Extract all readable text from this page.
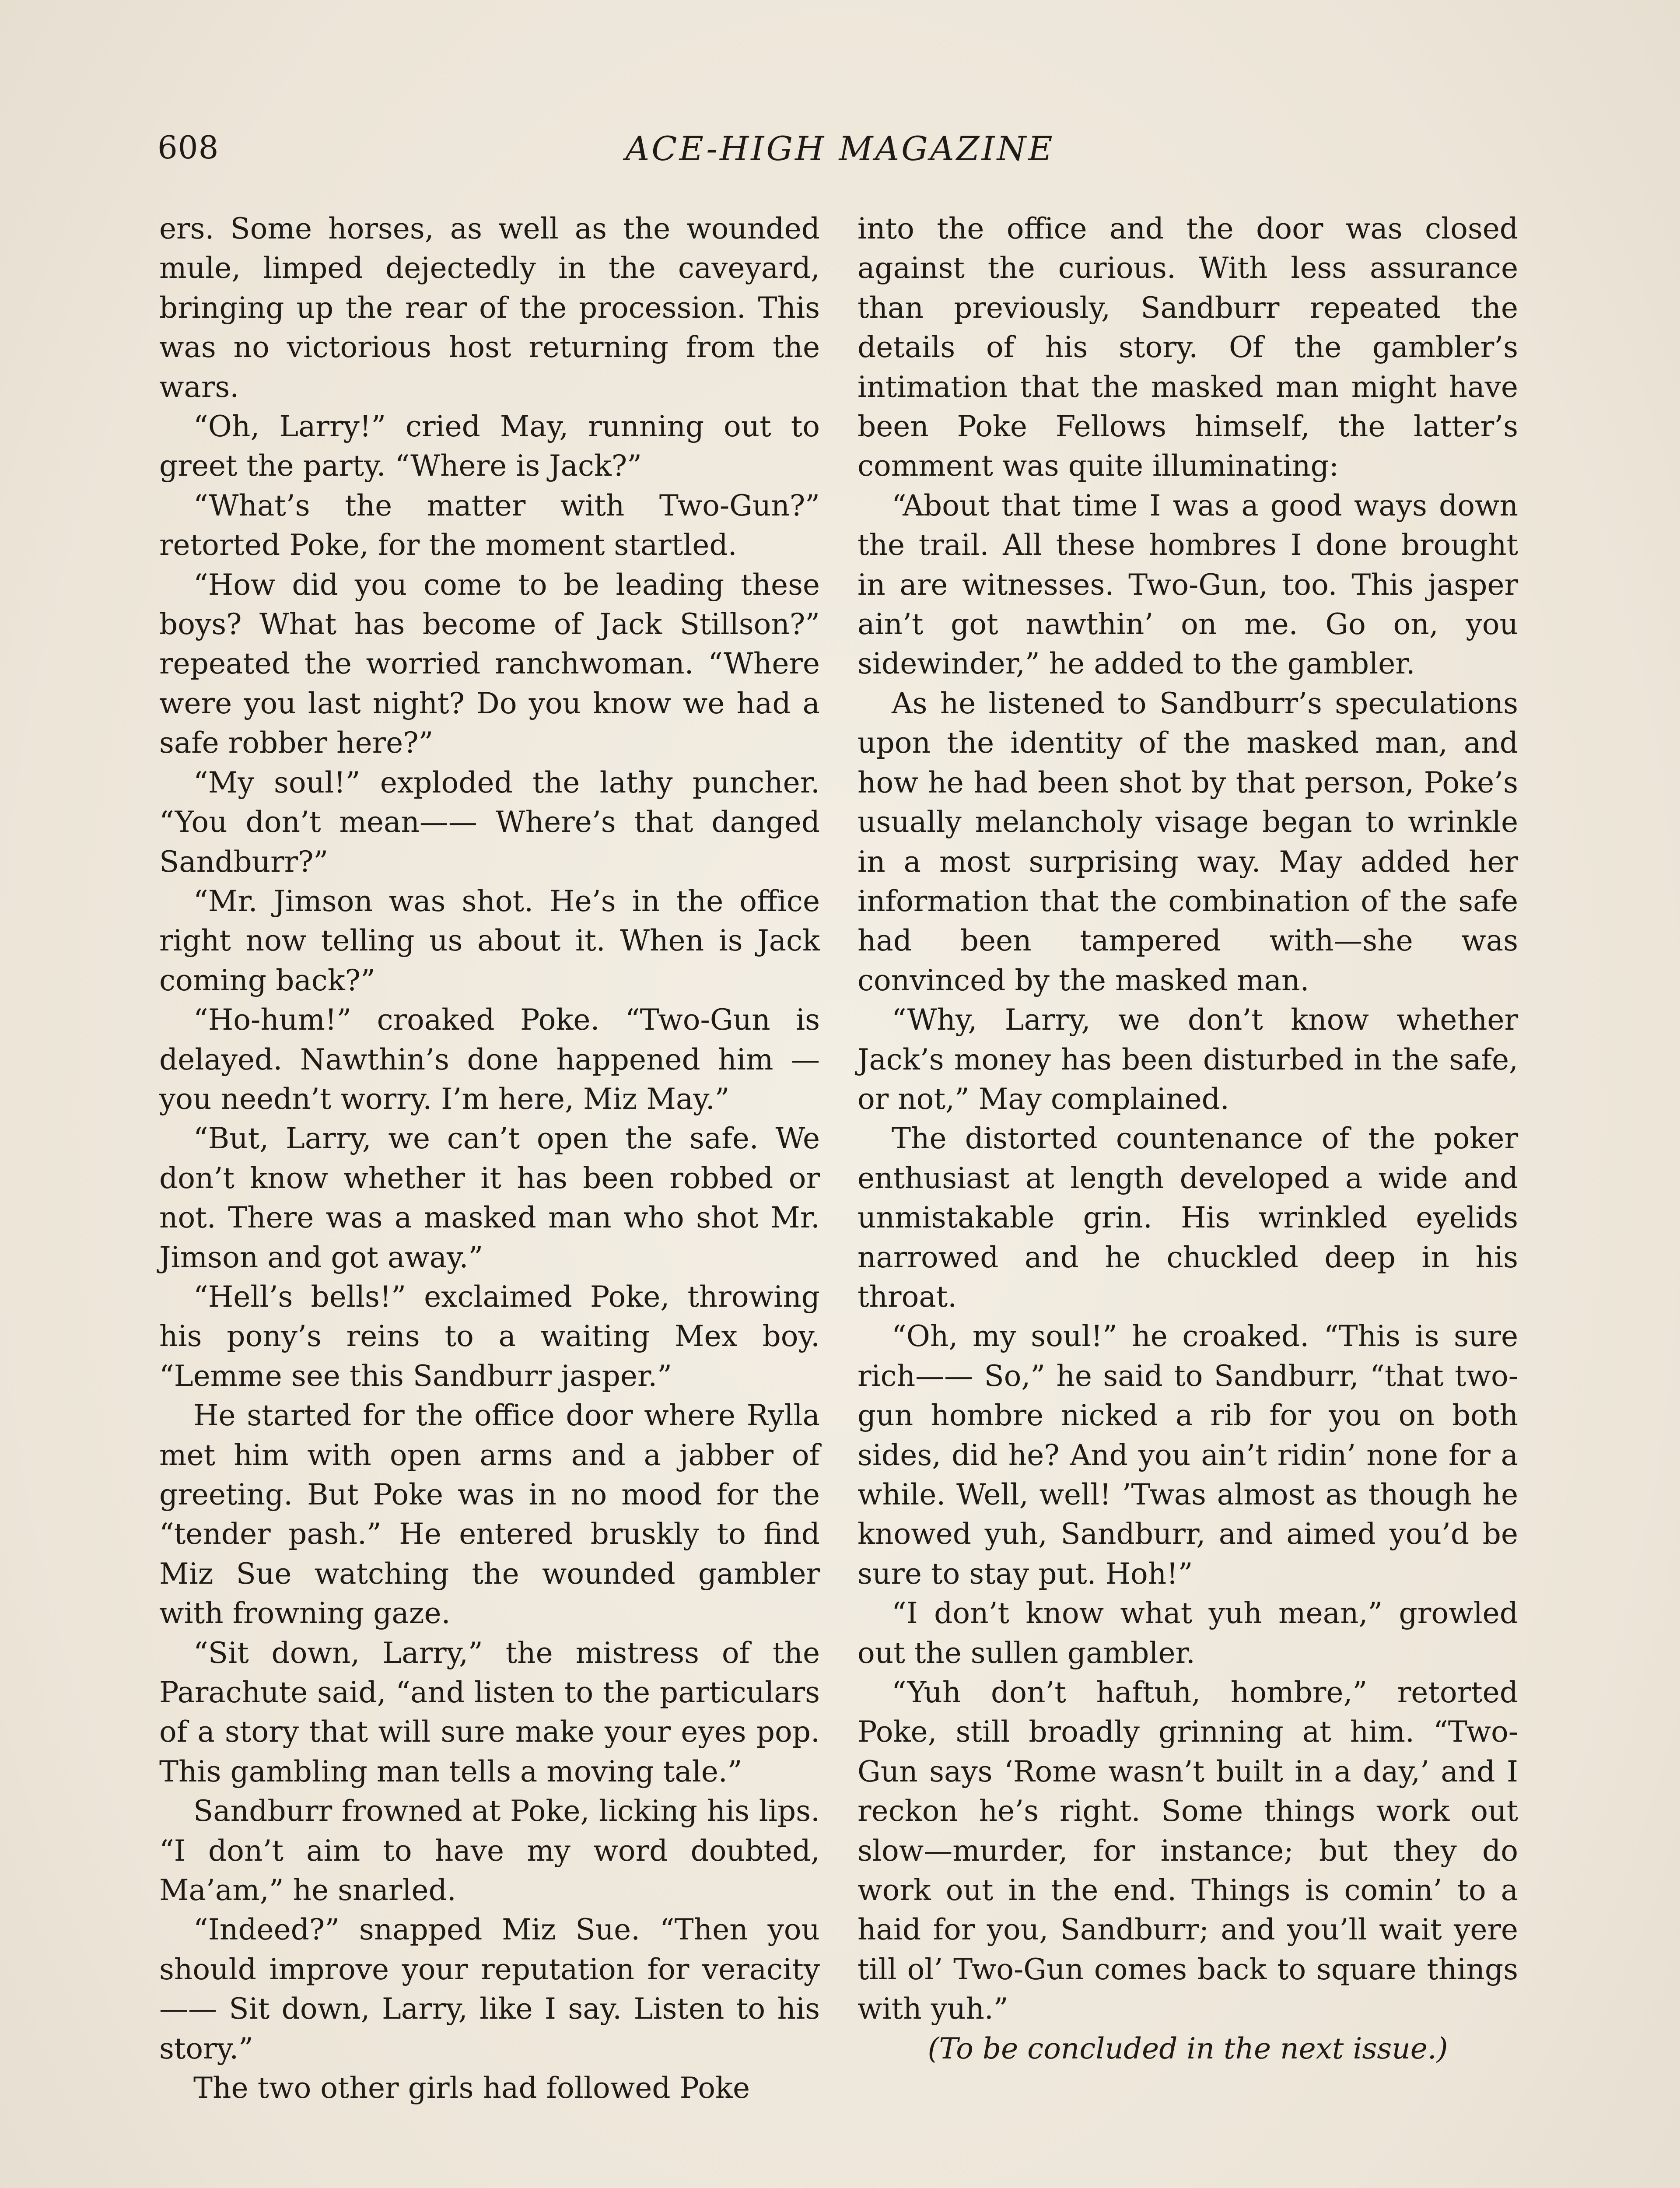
608	ACE-HIGH MAGAZINE

ers. Some horses, as well as the wounded mule, limped dejectedly in the caveyard, bringing up the rear of the procession. This was no victorious host returning from the wars.

“Oh, Larry!” cried May, running out to greet the party. “Where is Jack?”

“What’s the matter with Two-Gun?” retorted Poke, for the moment startled.

“How did you come to be leading these boys? What has become of Jack Stillson?” repeated the worried ranchwoman. “Where were you last night? Do you know we had a safe robber here?”

“My soul!” exploded the lathy puncher. “You don’t mean—— Where’s that danged Sandburr?”

“Mr. Jimson was shot. He’s in the office right now telling us about it. When is Jack coming back?”

“Ho-hum!” croaked Poke. “Two-Gun is delayed. Nawthin’s done happened him —you needn’t worry. I’m here, Miz May.”

“But, Larry, we can’t open the safe. We don’t know whether it has been robbed or not. There was a masked man who shot Mr. Jimson and got away.”

“Hell’s bells!” exclaimed Poke, throwing his pony’s reins to a waiting Mex boy. “Lemme see this Sandburr jasper.”

He started for the office door where Rylla met him with open arms and a jabber of greeting. But Poke was in no mood for the “tender pash.” He entered bruskly to find Miz Sue watching the wounded gambler with frowning gaze.

“Sit down, Larry,” the mistress of the Parachute said, “and listen to the particulars of a story that will sure make your eyes pop. This gambling man tells a moving tale.”

Sandburr frowned at Poke, licking his lips. “I don’t aim to have my word doubted, Ma’am,” he snarled.

“Indeed?” snapped Miz Sue. “Then you should improve your reputation for veracity—— Sit down, Larry, like I say. Listen to his story.”

The two other girls had followed Poke

into the office and the door was closed against the curious. With less assurance than previously, Sandburr repeated the details of his story. Of the gambler’s intimation that the masked man might have been Poke Fellows himself, the latter’s comment was quite illuminating:

“About that time I was a good ways down the trail. All these hombres I done brought in are witnesses. Two-Gun, too. This jasper ain’t got nawthin’ on me. Go on, you sidewinder,” he added to the gambler.

As he listened to Sandburr’s speculations upon the identity of the masked man, and how he had been shot by that person, Poke’s usually melancholy visage began to wrinkle in a most surprising way. May added her information that the combination of the safe had been tampered with—she was convinced by the masked man.

“Why, Larry, we don’t know whether Jack’s money has been disturbed in the safe, or not,” May complained.

The distorted countenance of the poker enthusiast at length developed a wide and unmistakable grin. His wrinkled eyelids narrowed and he chuckled deep in his throat.

“Oh, my soul!” he croaked. “This is sure rich—— So,” he said to Sandburr, “that two-gun hombre nicked a rib for you on both sides, did he? And you ain’t ridin’ none for a while. Well, well! ’Twas almost as though he knowed yuh, Sandburr, and aimed you’d be sure to stay put. Hoh!”

“I don’t know what yuh mean,” growled out the sullen gambler.

“Yuh don’t haftuh, hombre,” retorted Poke, still broadly grinning at him. “Two-Gun says ‘Rome wasn’t built in a day,’ and I reckon he’s right. Some things work out slow—murder, for instance; but they do work out in the end. Things is comin’ to a haid for you, Sandburr; and you’ll wait yere till ol’ Two-Gun comes back to square things with yuh.”

(To be concluded in the next issue.)
